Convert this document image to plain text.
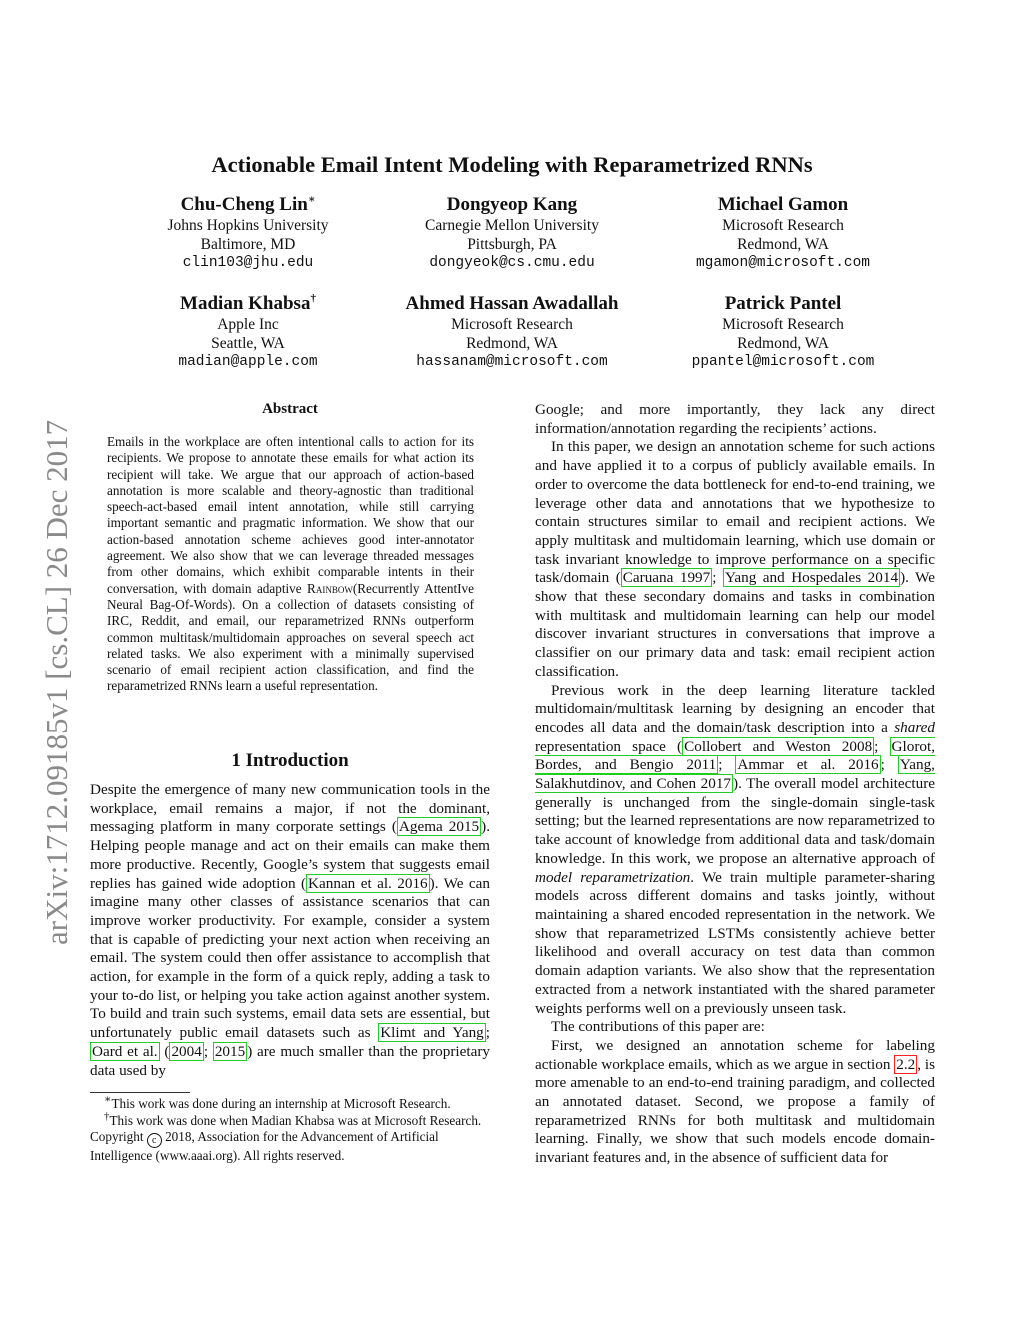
arXiv:1712.09185v1 [cs.CL] 26 Dec 2017
Actionable Email Intent Modeling with Reparametrized RNNs
Chu-Cheng Lin∗
Johns Hopkins University
Baltimore, MD
clin103@jhu.edu
Dongyeop Kang
Carnegie Mellon University
Pittsburgh, PA
dongyeok@cs.cmu.edu
Michael Gamon
Microsoft Research
Redmond, WA
mgamon@microsoft.com
Madian Khabsa†
Apple Inc
Seattle, WA
madian@apple.com
Ahmed Hassan Awadallah
Microsoft Research
Redmond, WA
hassanam@microsoft.com
Patrick Pantel
Microsoft Research
Redmond, WA
ppantel@microsoft.com
Abstract
Emails in the workplace are often intentional calls to action for its recipients. We propose to annotate these emails for what action its recipient will take. We argue that our approach of action-based annotation is more scalable and theory-agnostic than traditional speech-act-based email intent annotation, while still carrying important semantic and pragmatic information. We show that our action-based annotation scheme achieves good inter-annotator agreement. We also show that we can leverage threaded messages from other domains, which exhibit comparable intents in their conversation, with domain adaptive Rainbow(Recurrently AttentIve Neural Bag-Of-Words). On a collection of datasets consisting of IRC, Reddit, and email, our reparametrized RNNs outperform common multitask/multidomain approaches on several speech act related tasks. We also experiment with a minimally supervised scenario of email recipient action classification, and find the reparametrized RNNs learn a useful representation.
1 Introduction

Despite the emergence of many new communication tools in the workplace, email remains a major, if not the dominant, messaging platform in many corporate settings ( Agema 2015 ). Helping people manage and act on their emails can make them more productive. Recently, Google’s system that suggests email replies has gained wide adoption ( Kannan et al. 2016 ). We can imagine many other classes of assistance scenarios that can improve worker productivity. For example, consider a system that is capable of predicting your next action when receiving an email. The system could then offer assistance to accomplish that action, for example in the form of a quick reply, adding a task to your to-do list, or helping you take action against another system. To build and train such systems, email data sets are essential, but unfortunately public email datasets such as Klimt and Yang ; Oard et al. ( 2004 ; 2015 ) are much smaller than the proprietary data used by

∗This work was done during an internship at Microsoft Research.
†This work was done when Madian Khabsa was at Microsoft Research.
Copyright c 2018, Association for the Advancement of Artificial Intelligence (www.aaai.org). All rights reserved.

Google; and more importantly, they lack any direct information/annotation regarding the recipients’ actions.

In this paper, we design an annotation scheme for such actions and have applied it to a corpus of publicly available emails. In order to overcome the data bottleneck for end-to-end training, we leverage other data and annotations that we hypothesize to contain structures similar to email and recipient actions. We apply multitask and multidomain learning, which use domain or task invariant knowledge to improve performance on a specific task/domain ( Caruana 1997 ; Yang and Hospedales 2014 ). We show that these secondary domains and tasks in combination with multitask and multidomain learning can help our model discover invariant structures in conversations that improve a classifier on our primary data and task: email recipient action classification.

Previous work in the deep learning literature tackled multidomain/multitask learning by designing an encoder that encodes all data and the domain/task description into a shared representation space ( Collobert and Weston 2008 ; Glorot, Bordes, and Bengio 2011 ; Ammar et al. 2016 ; Yang, Salakhutdinov, and Cohen 2017 ). The overall model architecture generally is unchanged from the single-domain single-task setting; but the learned representations are now reparametrized to take account of knowledge from additional data and task/domain knowledge. In this work, we propose an alternative approach of model reparametrization. We train multiple parameter-sharing models across different domains and tasks jointly, without maintaining a shared encoded representation in the network. We show that reparametrized LSTMs consistently achieve better likelihood and overall accuracy on test data than common domain adaption variants. We also show that the representation extracted from a network instantiated with the shared parameter weights performs well on a previously unseen task.

The contributions of this paper are:

First, we designed an annotation scheme for labeling actionable workplace emails, which as we argue in section 2.2 , is more amenable to an end-to-end training paradigm, and collected an annotated dataset. Second, we propose a family of reparametrized RNNs for both multitask and multidomain learning. Finally, we show that such models encode domain-invariant features and, in the absence of sufficient data for
